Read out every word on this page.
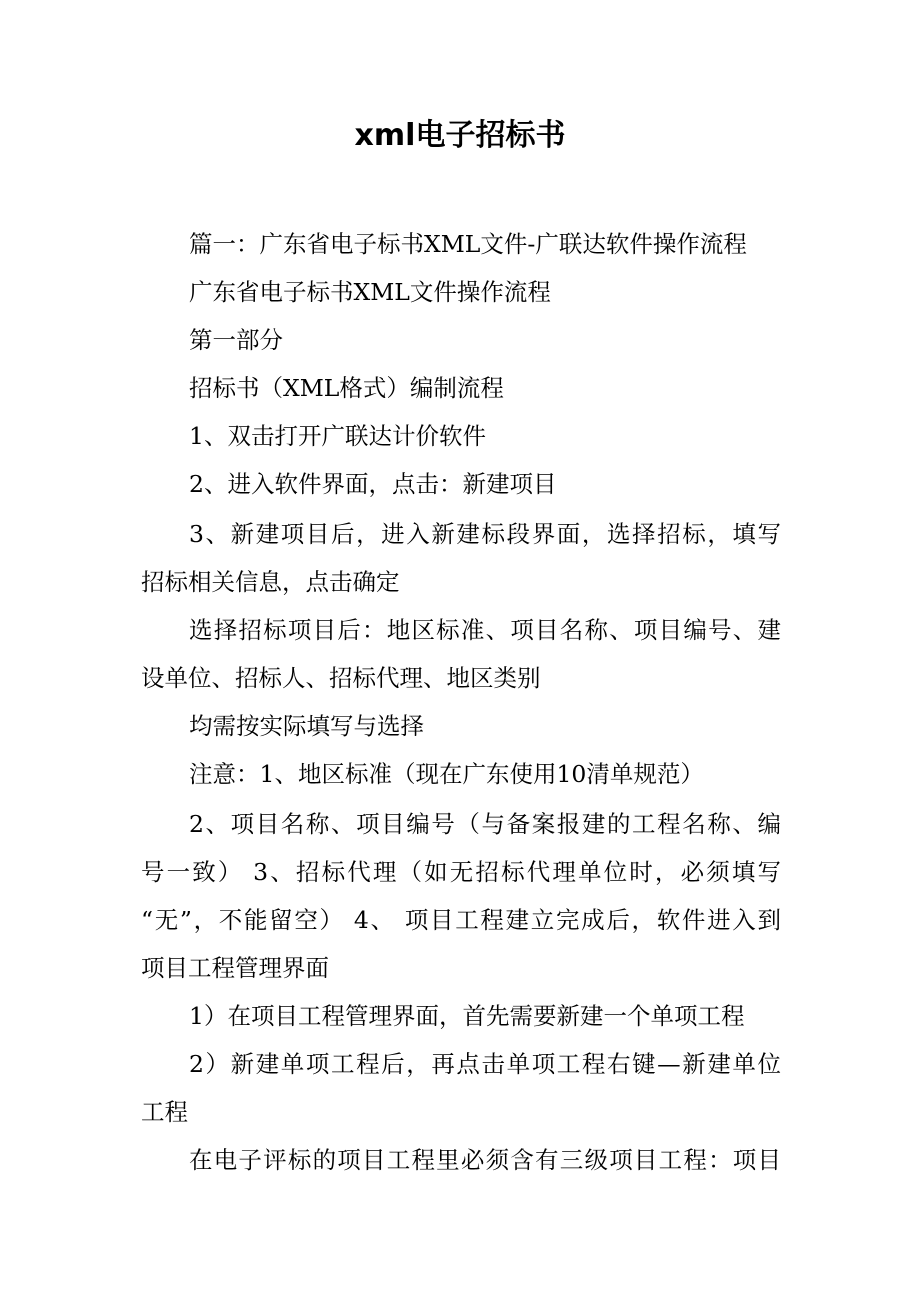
xml电子招标书

篇一：广东省电子标书XML文件-广联达软件操作流程

广东省电子标书XML文件操作流程

第一部分

招标书（XML格式）编制流程

1、双击打开广联达计价软件

2、进入软件界面，点击：新建项目

3、新建项目后，进入新建标段界面，选择招标，填写

招标相关信息，点击确定

选择招标项目后：地区标准、项目名称、项目编号、建

设单位、招标人、招标代理、地区类别

均需按实际填写与选择

注意：1、地区标准（现在广东使用10清单规范）

2、项目名称、项目编号（与备案报建的工程名称、编

号一致） 3、招标代理（如无招标代理单位时，必须填写

“无”，不能留空） 4、 项目工程建立完成后，软件进入到

项目工程管理界面

1）在项目工程管理界面，首先需要新建一个单项工程

2）新建单项工程后，再点击单项工程右键—新建单位

工程

在电子评标的项目工程里必须含有三级项目工程：项目
